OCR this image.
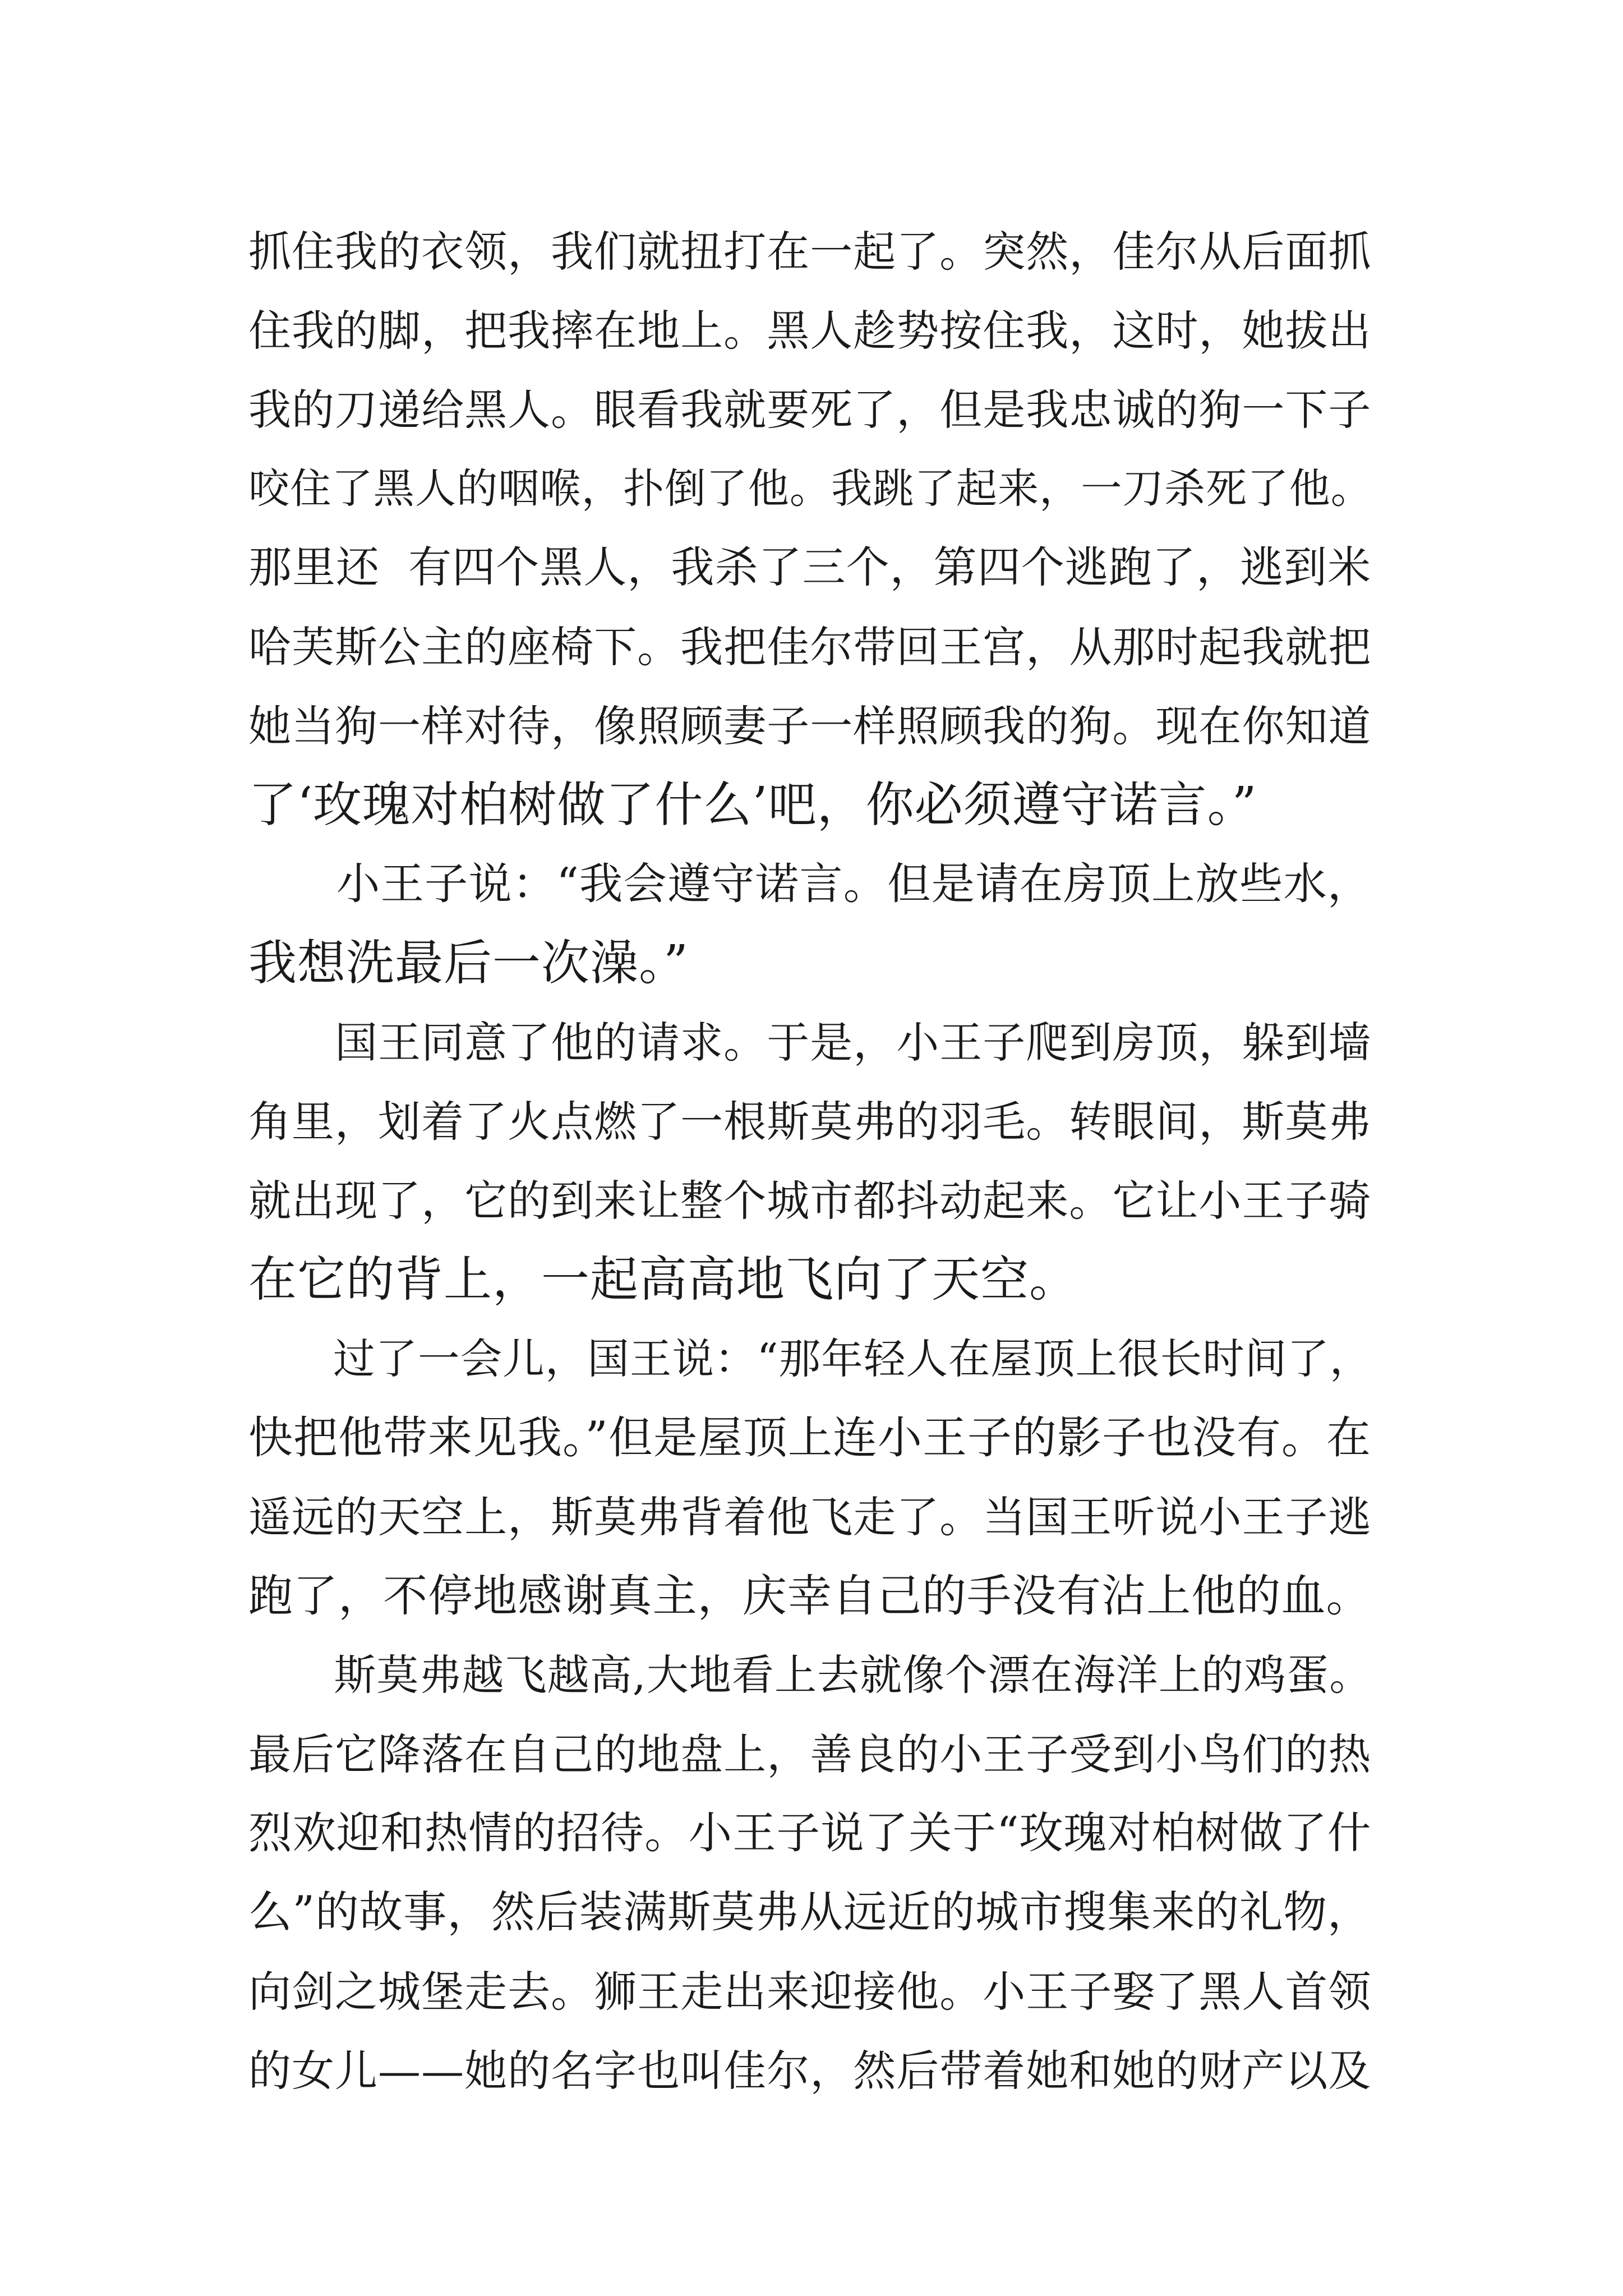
抓住我的衣领，我们就扭打在一起了。突然，佳尔从后面抓
住我的脚，把我摔在地上。黑人趁势按住我，这时，她拔出
我的刀递给黑人。眼看我就要死了，但是我忠诚的狗一下子
咬住了黑人的咽喉，扑倒了他。我跳了起来，一刀杀死了他。
那里还  有四个黑人，我杀了三个，第四个逃跑了，逃到米
哈芙斯公主的座椅下。我把佳尔带回王宫，从那时起我就把
她当狗一样对待，像照顾妻子一样照顾我的狗。现在你知道
了‘玫瑰对柏树做了什么’吧，你必须遵守诺言。”
　　小王子说：“我会遵守诺言。但是请在房顶上放些水，
我想洗最后一次澡。”
　　国王同意了他的请求。于是，小王子爬到房顶，躲到墙
角里，划着了火点燃了一根斯莫弗的羽毛。转眼间，斯莫弗
就出现了，它的到来让整个城市都抖动起来。它让小王子骑
在它的背上，一起高高地飞向了天空。
　　过了一会儿，国王说：“那年轻人在屋顶上很长时间了，
快把他带来见我。”但是屋顶上连小王子的影子也没有。在
遥远的天空上，斯莫弗背着他飞走了。当国王听说小王子逃
跑了，不停地感谢真主，庆幸自己的手没有沾上他的血。
　　斯莫弗越飞越高,大地看上去就像个漂在海洋上的鸡蛋。
最后它降落在自己的地盘上，善良的小王子受到小鸟们的热
烈欢迎和热情的招待。小王子说了关于“玫瑰对柏树做了什
么”的故事，然后装满斯莫弗从远近的城市搜集来的礼物，
向剑之城堡走去。狮王走出来迎接他。小王子娶了黑人首领
的女儿——她的名字也叫佳尔，然后带着她和她的财产以及
